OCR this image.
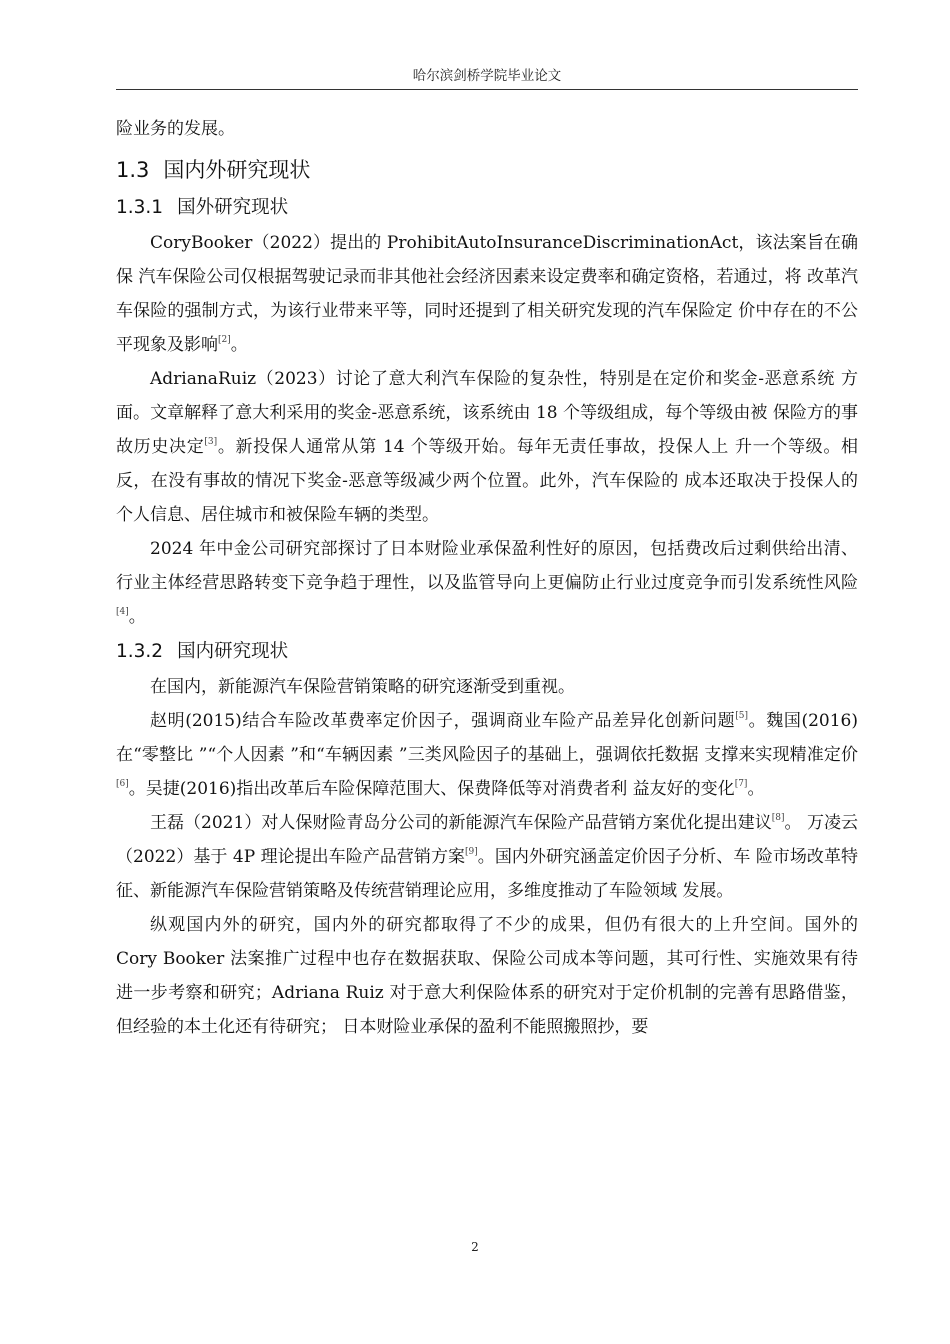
哈尔滨剑桥学院毕业论文

险业务的发展。

1.3 国内外研究现状
1.3.1 国外研究现状

CoryBooker（2022）提出的 ProhibitAutoInsuranceDiscriminationAct，该法案旨在确保 汽车保险公司仅根据驾驶记录而非其他社会经济因素来设定费率和确定资格，若通过，将 改革汽车保险的强制方式，为该行业带来平等，同时还提到了相关研究发现的汽车保险定 价中存在的不公平现象及影响[2]。

AdrianaRuiz（2023）讨论了意大利汽车保险的复杂性，特别是在定价和奖金-恶意系统 方面。文章解释了意大利采用的奖金-恶意系统，该系统由 18 个等级组成，每个等级由被 保险方的事故历史决定[3]。新投保人通常从第 14 个等级开始。每年无责任事故，投保人上 升一个等级。相反，在没有事故的情况下奖金-恶意等级减少两个位置。此外，汽车保险的 成本还取决于投保人的个人信息、居住城市和被保险车辆的类型。

2024 年中金公司研究部探讨了日本财险业承保盈利性好的原因，包括费改后过剩供给出清、行业主体经营思路转变下竞争趋于理性，以及监管导向上更偏防止行业过度竞争而引发系统性风险[4]。

1.3.2 国内研究现状

在国内，新能源汽车保险营销策略的研究逐渐受到重视。

赵明(2015)结合车险改革费率定价因子，强调商业车险产品差异化创新问题[5]。魏国(2016)在“零整比 ”“个人因素 ”和“车辆因素 ”三类风险因子的基础上，强调依托数据 支撑来实现精准定价[6]。吴捷(2016)指出改革后车险保障范围大、保费降低等对消费者利 益友好的变化[7]。

王磊（2021）对人保财险青岛分公司的新能源汽车保险产品营销方案优化提出建议[8]。 万凌云（2022）基于 4P 理论提出车险产品营销方案[9]。国内外研究涵盖定价因子分析、车 险市场改革特征、新能源汽车保险营销策略及传统营销理论应用，多维度推动了车险领域 发展。

纵观国内外的研究，国内外的研究都取得了不少的成果，但仍有很大的上升空间。国外的 Cory Booker 法案推广过程中也存在数据获取、保险公司成本等问题，其可行性、实施效果有待进一步考察和研究；Adriana Ruiz 对于意大利保险体系的研究对于定价机制的完善有思路借鉴，但经验的本土化还有待研究； 日本财险业承保的盈利不能照搬照抄，要

2
